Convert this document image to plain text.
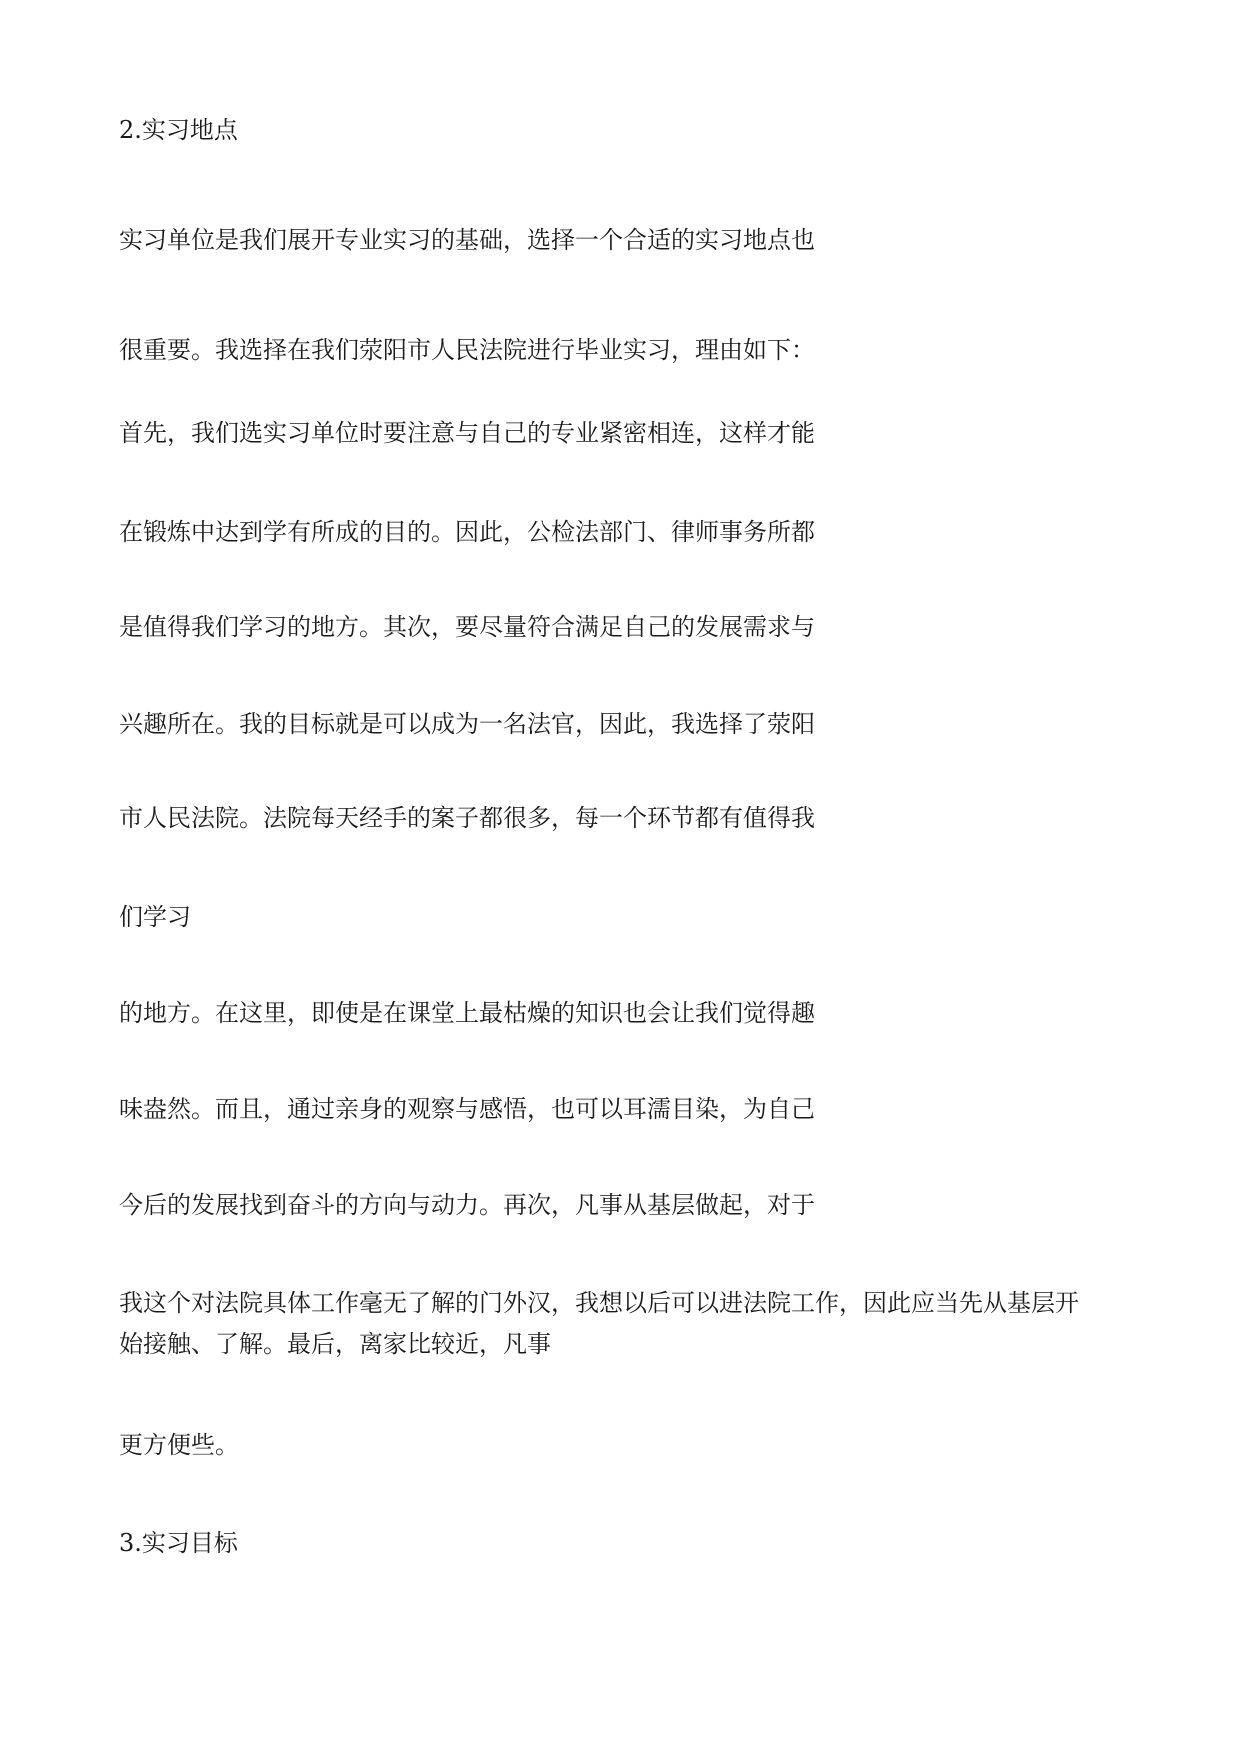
2.实习地点
实习单位是我们展开专业实习的基础，选择一个合适的实习地点也
很重要。我选择在我们荥阳市人民法院进行毕业实习，理由如下：
首先，我们选实习单位时要注意与自己的专业紧密相连，这样才能
在锻炼中达到学有所成的目的。因此，公检法部门、律师事务所都
是值得我们学习的地方。其次，要尽量符合满足自己的发展需求与
兴趣所在。我的目标就是可以成为一名法官，因此，我选择了荥阳
市人民法院。法院每天经手的案子都很多，每一个环节都有值得我
们学习
的地方。在这里，即使是在课堂上最枯燥的知识也会让我们觉得趣
味盎然。而且，通过亲身的观察与感悟，也可以耳濡目染，为自己
今后的发展找到奋斗的方向与动力。再次，凡事从基层做起，对于
我这个对法院具体工作毫无了解的门外汉，我想以后可以进法院工作，因此应当先从基层开
始接触、了解。最后，离家比较近，凡事
更方便些。
3.实习目标
